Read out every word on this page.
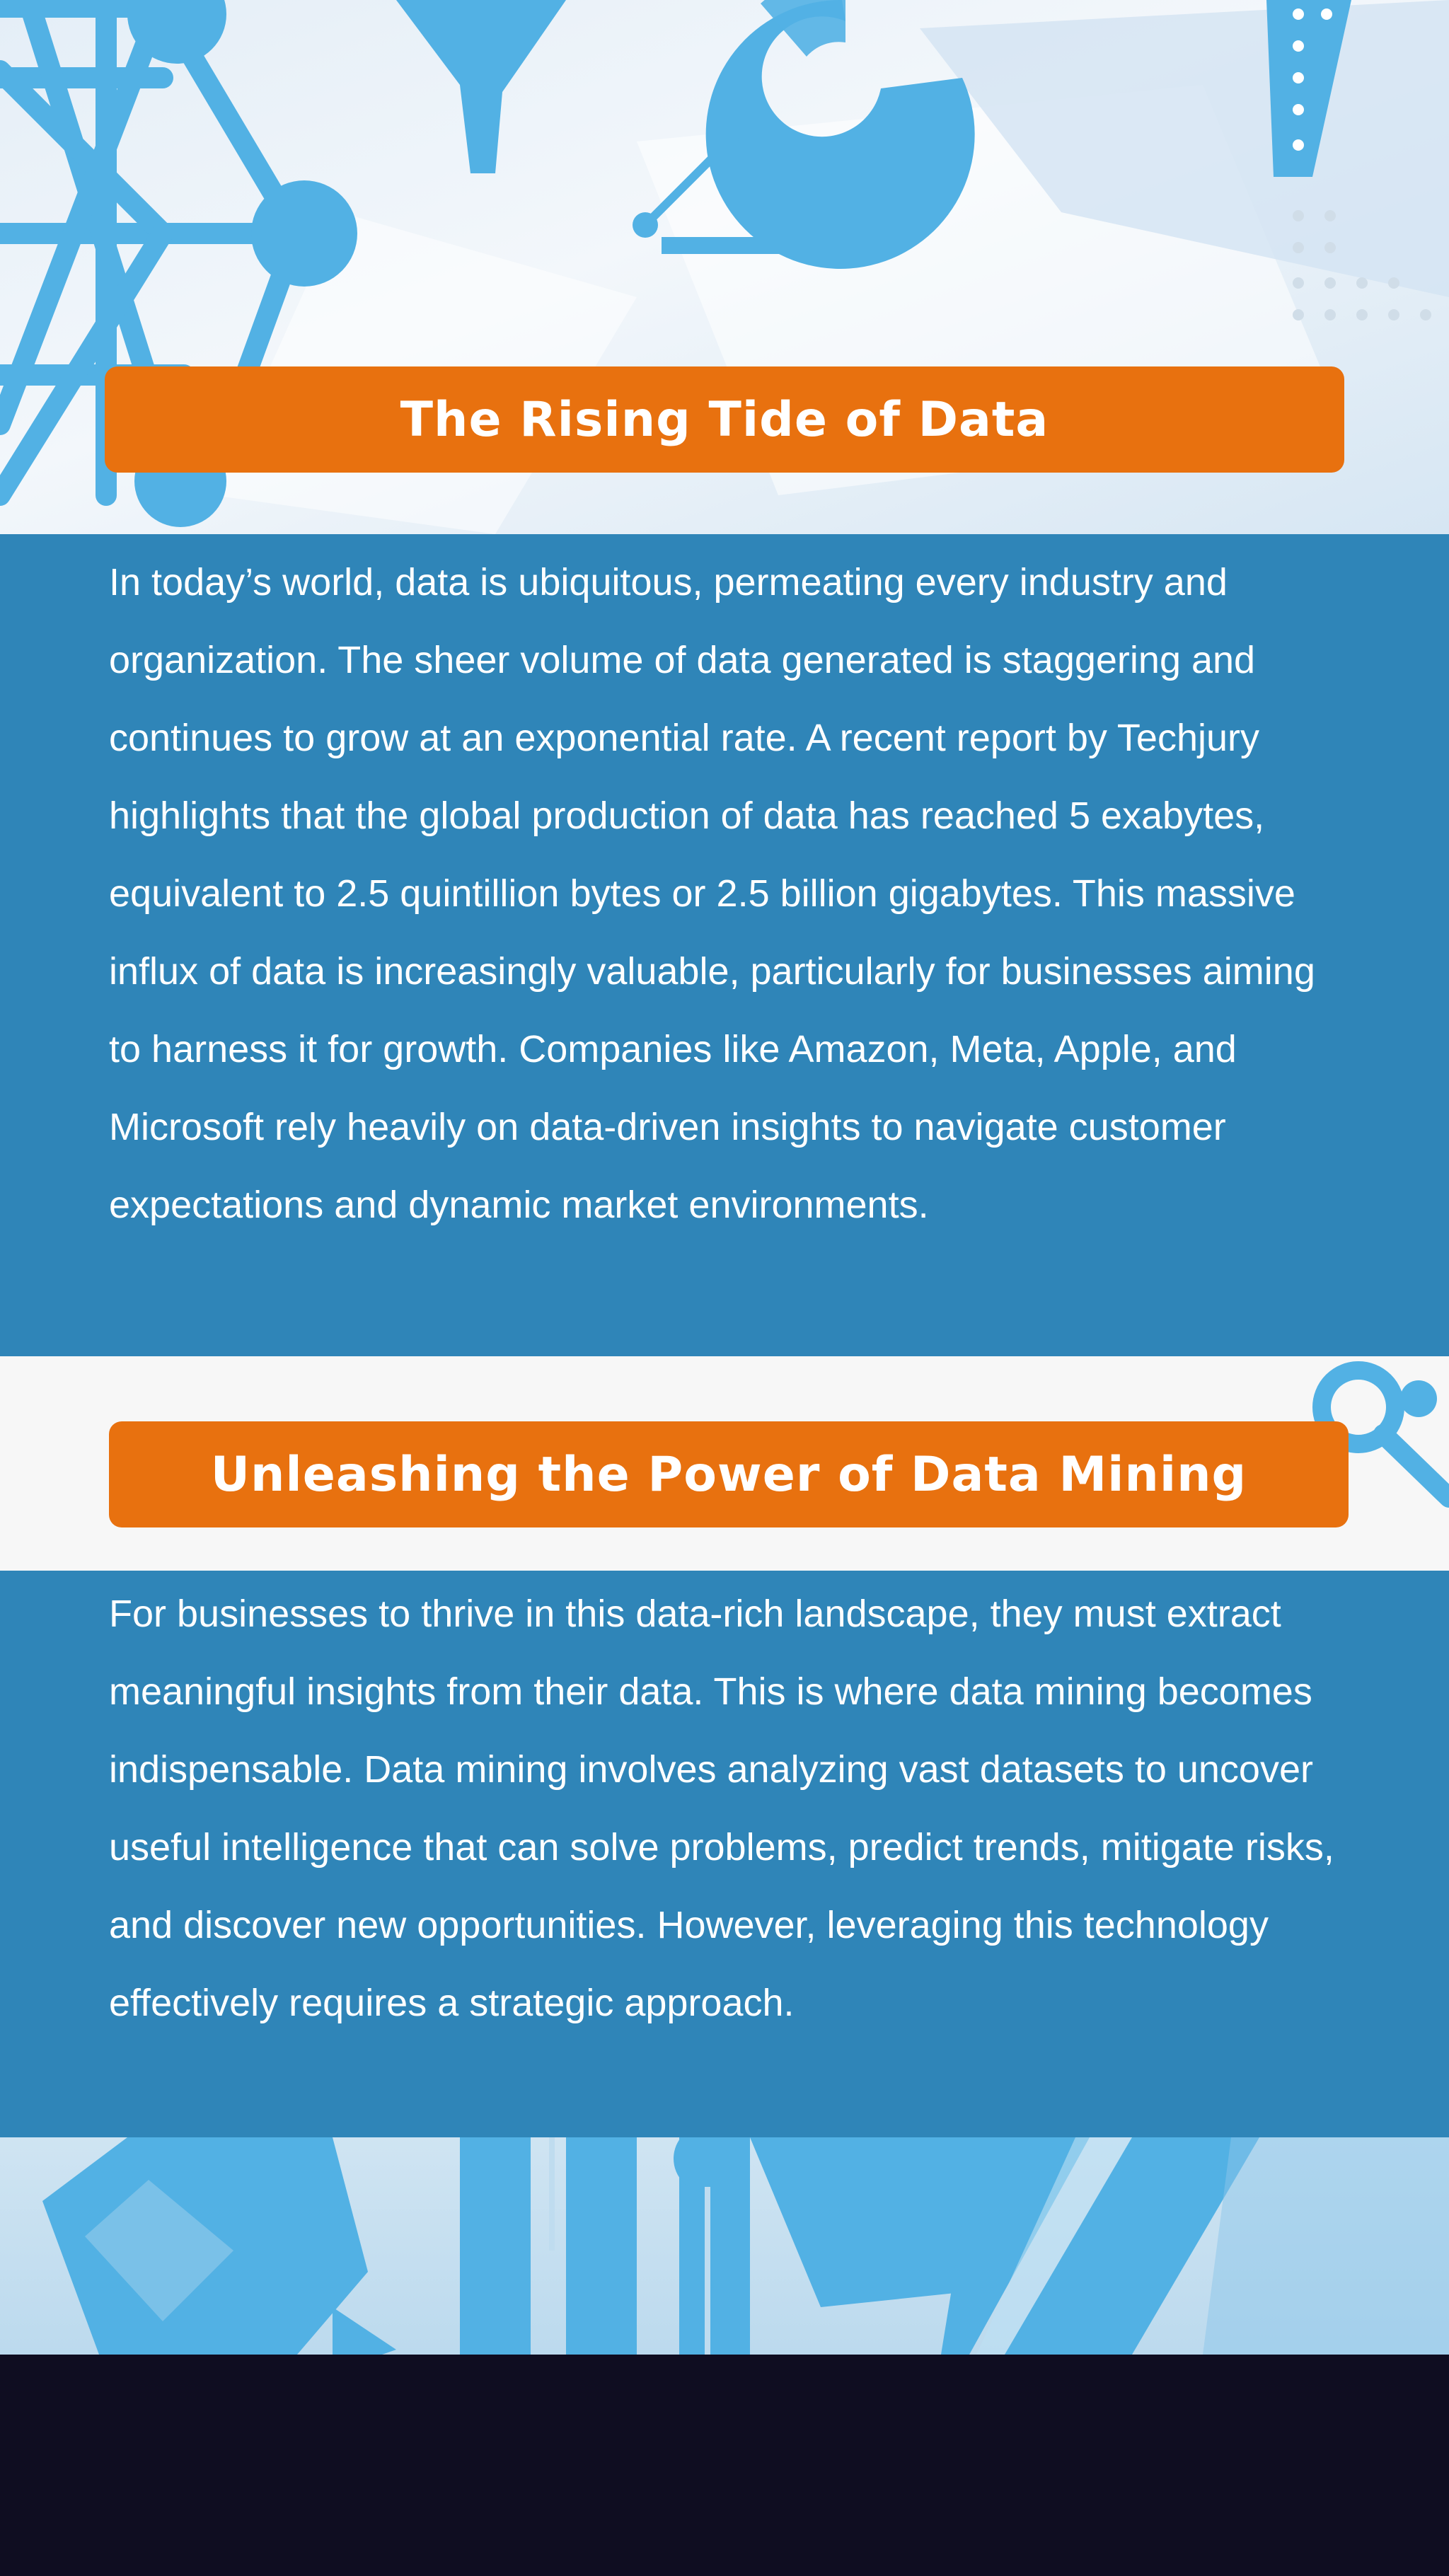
The Rising Tide of Data

In today’s world, data is ubiquitous, permeating every industry and organization. The sheer volume of data generated is staggering and continues to grow at an exponential rate. A recent report by Techjury highlights that the global production of data has reached 5 exabytes, equivalent to 2.5 quintillion bytes or 2.5 billion gigabytes. This massive influx of data is increasingly valuable, particularly for businesses aiming to harness it for growth. Companies like Amazon, Meta, Apple, and Microsoft rely heavily on data-driven insights to navigate customer expectations and dynamic market environments.

Unleashing the Power of Data Mining

For businesses to thrive in this data-rich landscape, they must extract meaningful insights from their data. This is where data mining becomes indispensable. Data mining involves analyzing vast datasets to uncover useful intelligence that can solve problems, predict trends, mitigate risks, and discover new opportunities. However, leveraging this technology effectively requires a strategic approach.
